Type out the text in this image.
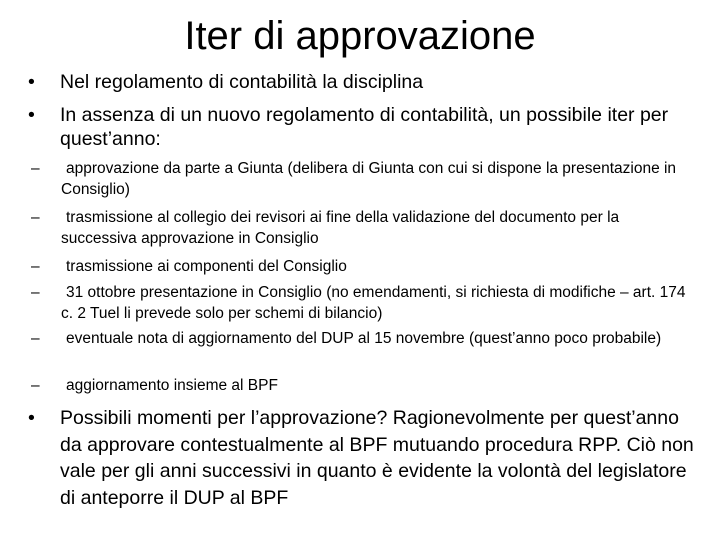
Iter di approvazione
•	Nel regolamento di contabilità la disciplina
•	In assenza di un nuovo regolamento di contabilità, un possibile iter per quest’anno:
–	approvazione da parte a Giunta (delibera di Giunta con cui si dispone la presentazione in Consiglio)
–	trasmissione al collegio dei revisori ai fine della validazione del documento per la successiva approvazione in Consiglio
–	trasmissione ai componenti del Consiglio
–	31 ottobre presentazione in Consiglio (no emendamenti, si richiesta di modifiche – art. 174 c. 2 Tuel li prevede solo per schemi di bilancio)
–	eventuale nota di aggiornamento del DUP al 15 novembre (quest’anno poco probabile)
–	aggiornamento insieme al BPF
•	Possibili momenti per l’approvazione? Ragionevolmente per quest’anno da approvare contestualmente al BPF mutuando procedura RPP. Ciò non vale per gli anni successivi in quanto è evidente la volontà del legislatore di anteporre il DUP al BPF
